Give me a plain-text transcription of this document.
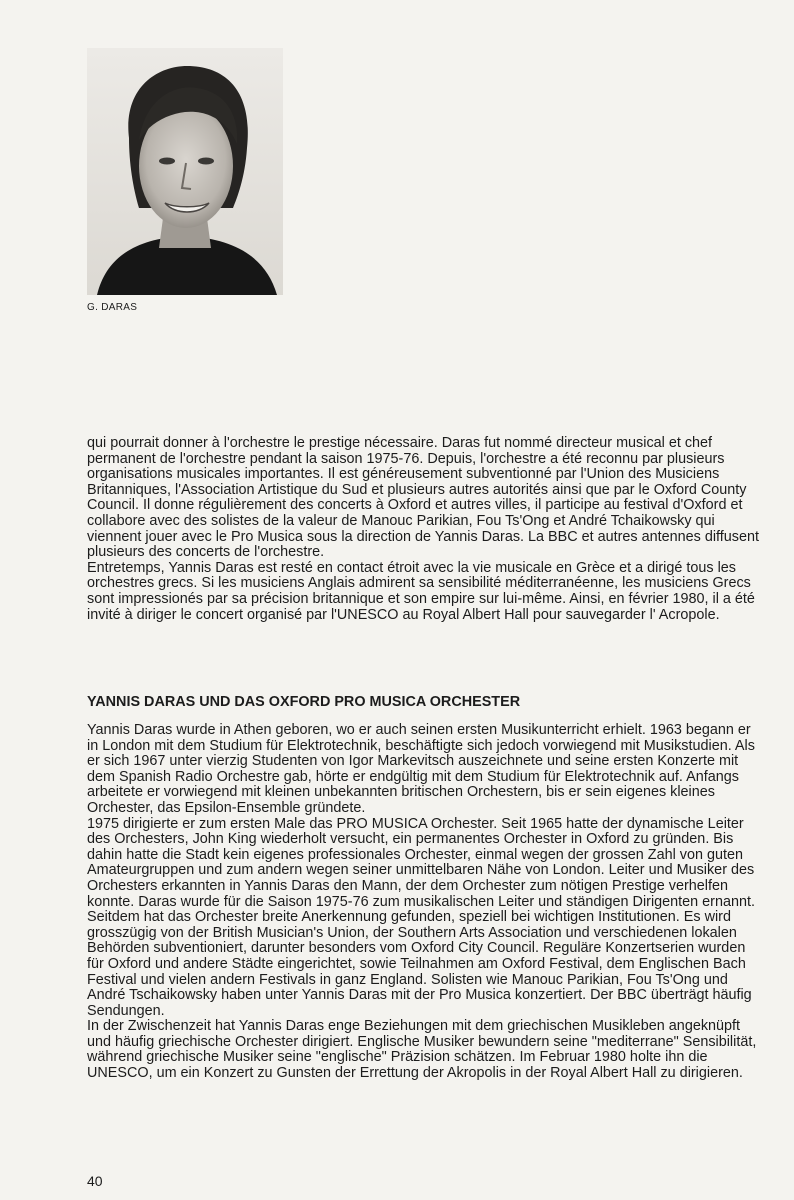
G. DARAS

qui pourrait donner à l'orchestre le prestige nécessaire. Daras fut nommé directeur musical et chef permanent de l'orchestre pendant la saison 1975-76. Depuis, l'orchestre a été reconnu par plusieurs organisations musicales importantes. Il est généreusement subventionné par l'Union des Musiciens Britanniques, l'Association Artistique du Sud et plusieurs autres autorités ainsi que par le Oxford County Council. Il donne régulièrement des concerts à Oxford et autres villes, il participe au festival d'Oxford et collabore avec des solistes de la valeur de Manouc Parikian, Fou Ts'Ong et André Tchaikowsky qui viennent jouer avec le Pro Musica sous la direction de Yannis Daras. La BBC et autres antennes diffusent plusieurs des concerts de l'orchestre.

Entretemps, Yannis Daras est resté en contact étroit avec la vie musicale en Grèce et a dirigé tous les orchestres grecs. Si les musiciens Anglais admirent sa sensibilité méditerranéenne, les musiciens Grecs sont impressionés par sa précision britannique et son empire sur lui-même. Ainsi, en février 1980, il a été invité à diriger le concert organisé par l'UNESCO au Royal Albert Hall pour sauvegarder l' Acropole.

YANNIS DARAS UND DAS OXFORD PRO MUSICA ORCHESTER

Yannis Daras wurde in Athen geboren, wo er auch seinen ersten Musikunterricht erhielt. 1963 begann er in London mit dem Studium für Elektrotechnik, beschäftigte sich jedoch vorwiegend mit Musikstudien. Als er sich 1967 unter vierzig Studenten von Igor Markevitsch auszeichnete und seine ersten Konzerte mit dem Spanish Radio Orchestre gab, hörte er endgültig mit dem Studium für Elektrotechnik auf. Anfangs arbeitete er vorwiegend mit kleinen unbekannten britischen Orchestern, bis er sein eigenes kleines Orchester, das Epsilon-Ensemble gründete.

1975 dirigierte er zum ersten Male das PRO MUSICA Orchester. Seit 1965 hatte der dynamische Leiter des Orchesters, John King wiederholt versucht, ein permanentes Orchester in Oxford zu gründen. Bis dahin hatte die Stadt kein eigenes professionales Orchester, einmal wegen der grossen Zahl von guten Amateurgruppen und zum andern wegen seiner unmittelbaren Nähe von London. Leiter und Musiker des Orchesters erkannten in Yannis Daras den Mann, der dem Orchester zum nötigen Prestige verhelfen konnte. Daras wurde für die Saison 1975-76 zum musikalischen Leiter und ständigen Dirigenten ernannt. Seitdem hat das Orchester breite Anerkennung gefunden, speziell bei wichtigen Institutionen. Es wird grosszügig von der British Musician's Union, der Southern Arts Association und verschiedenen lokalen Behörden subventioniert, darunter besonders vom Oxford City Council. Reguläre Konzertserien wurden für Oxford und andere Städte eingerichtet, sowie Teilnahmen am Oxford Festival, dem Englischen Bach Festival und vielen andern Festivals in ganz England. Solisten wie Manouc Parikian, Fou Ts'Ong und André Tschaikowsky haben unter Yannis Daras mit der Pro Musica konzertiert. Der BBC überträgt häufig Sendungen.

In der Zwischenzeit hat Yannis Daras enge Beziehungen mit dem griechischen Musikleben angeknüpft und häufig griechische Orchester dirigiert. Englische Musiker bewundern seine "mediterrane" Sensibilität, während griechische Musiker seine "englische" Präzision schätzen. Im Februar 1980 holte ihn die UNESCO, um ein Konzert zu Gunsten der Errettung der Akropolis in der Royal Albert Hall zu dirigieren.

40
